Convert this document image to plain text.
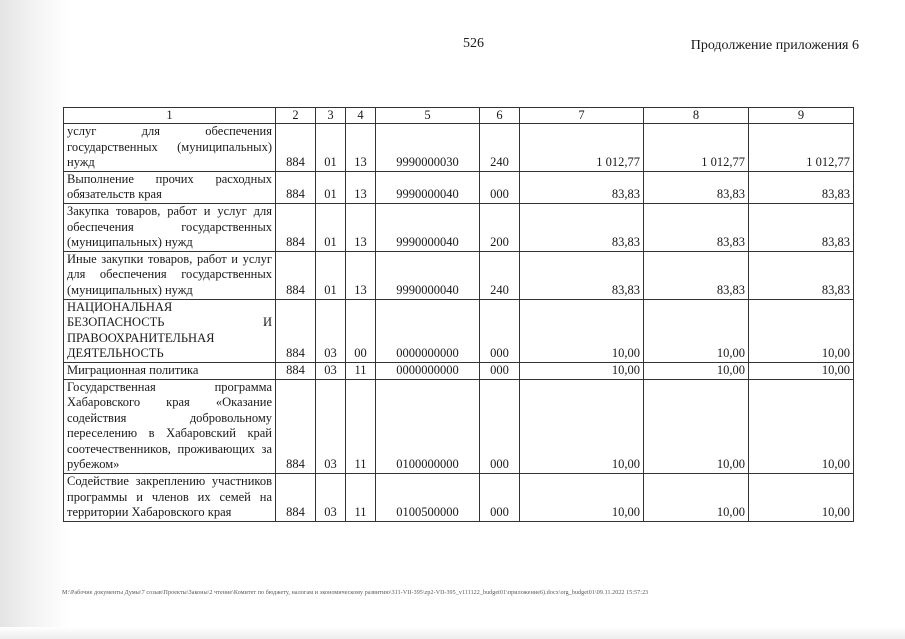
526	Продолжение приложения 6
1	2	3	4	5	6	7	8	9
услуг для обеспечения государственных (муниципальных) нужд	884	01	13	9990000030	240	1 012,77	1 012,77	1 012,77
Выполнение прочих расходных обязательств края	884	01	13	9990000040	000	83,83	83,83	83,83
Закупка товаров, работ и услуг для обеспечения государственных (муниципальных) нужд	884	01	13	9990000040	200	83,83	83,83	83,83
Иные закупки товаров, работ и услуг для обеспечения государственных (муниципальных) нужд	884	01	13	9990000040	240	83,83	83,83	83,83
НАЦИОНАЛЬНАЯ БЕЗОПАСНОСТЬ И ПРАВООХРАНИТЕЛЬНАЯ ДЕЯТЕЛЬНОСТЬ	884	03	00	0000000000	000	10,00	10,00	10,00
Миграционная политика	884	03	11	0000000000	000	10,00	10,00	10,00
Государственная программа Хабаровского края «Оказание содействия добровольному переселению в Хабаровский край соотечественников, проживающих за рубежом»	884	03	11	0100000000	000	10,00	10,00	10,00
Содействие закреплению участников программы и членов их семей на территории Хабаровского края	884	03	11	0100500000	000	10,00	10,00	10,00
M:\Рабочие документы Думы\7 созыв\Проекты\Законы\2 чтение\Комитет по бюджету, налогам и экономическому развитию\311-VII-395\zp2-VII-395_v111122_budget01\приложение6).docx\org_budget01\09.11.2022 15:57:23
